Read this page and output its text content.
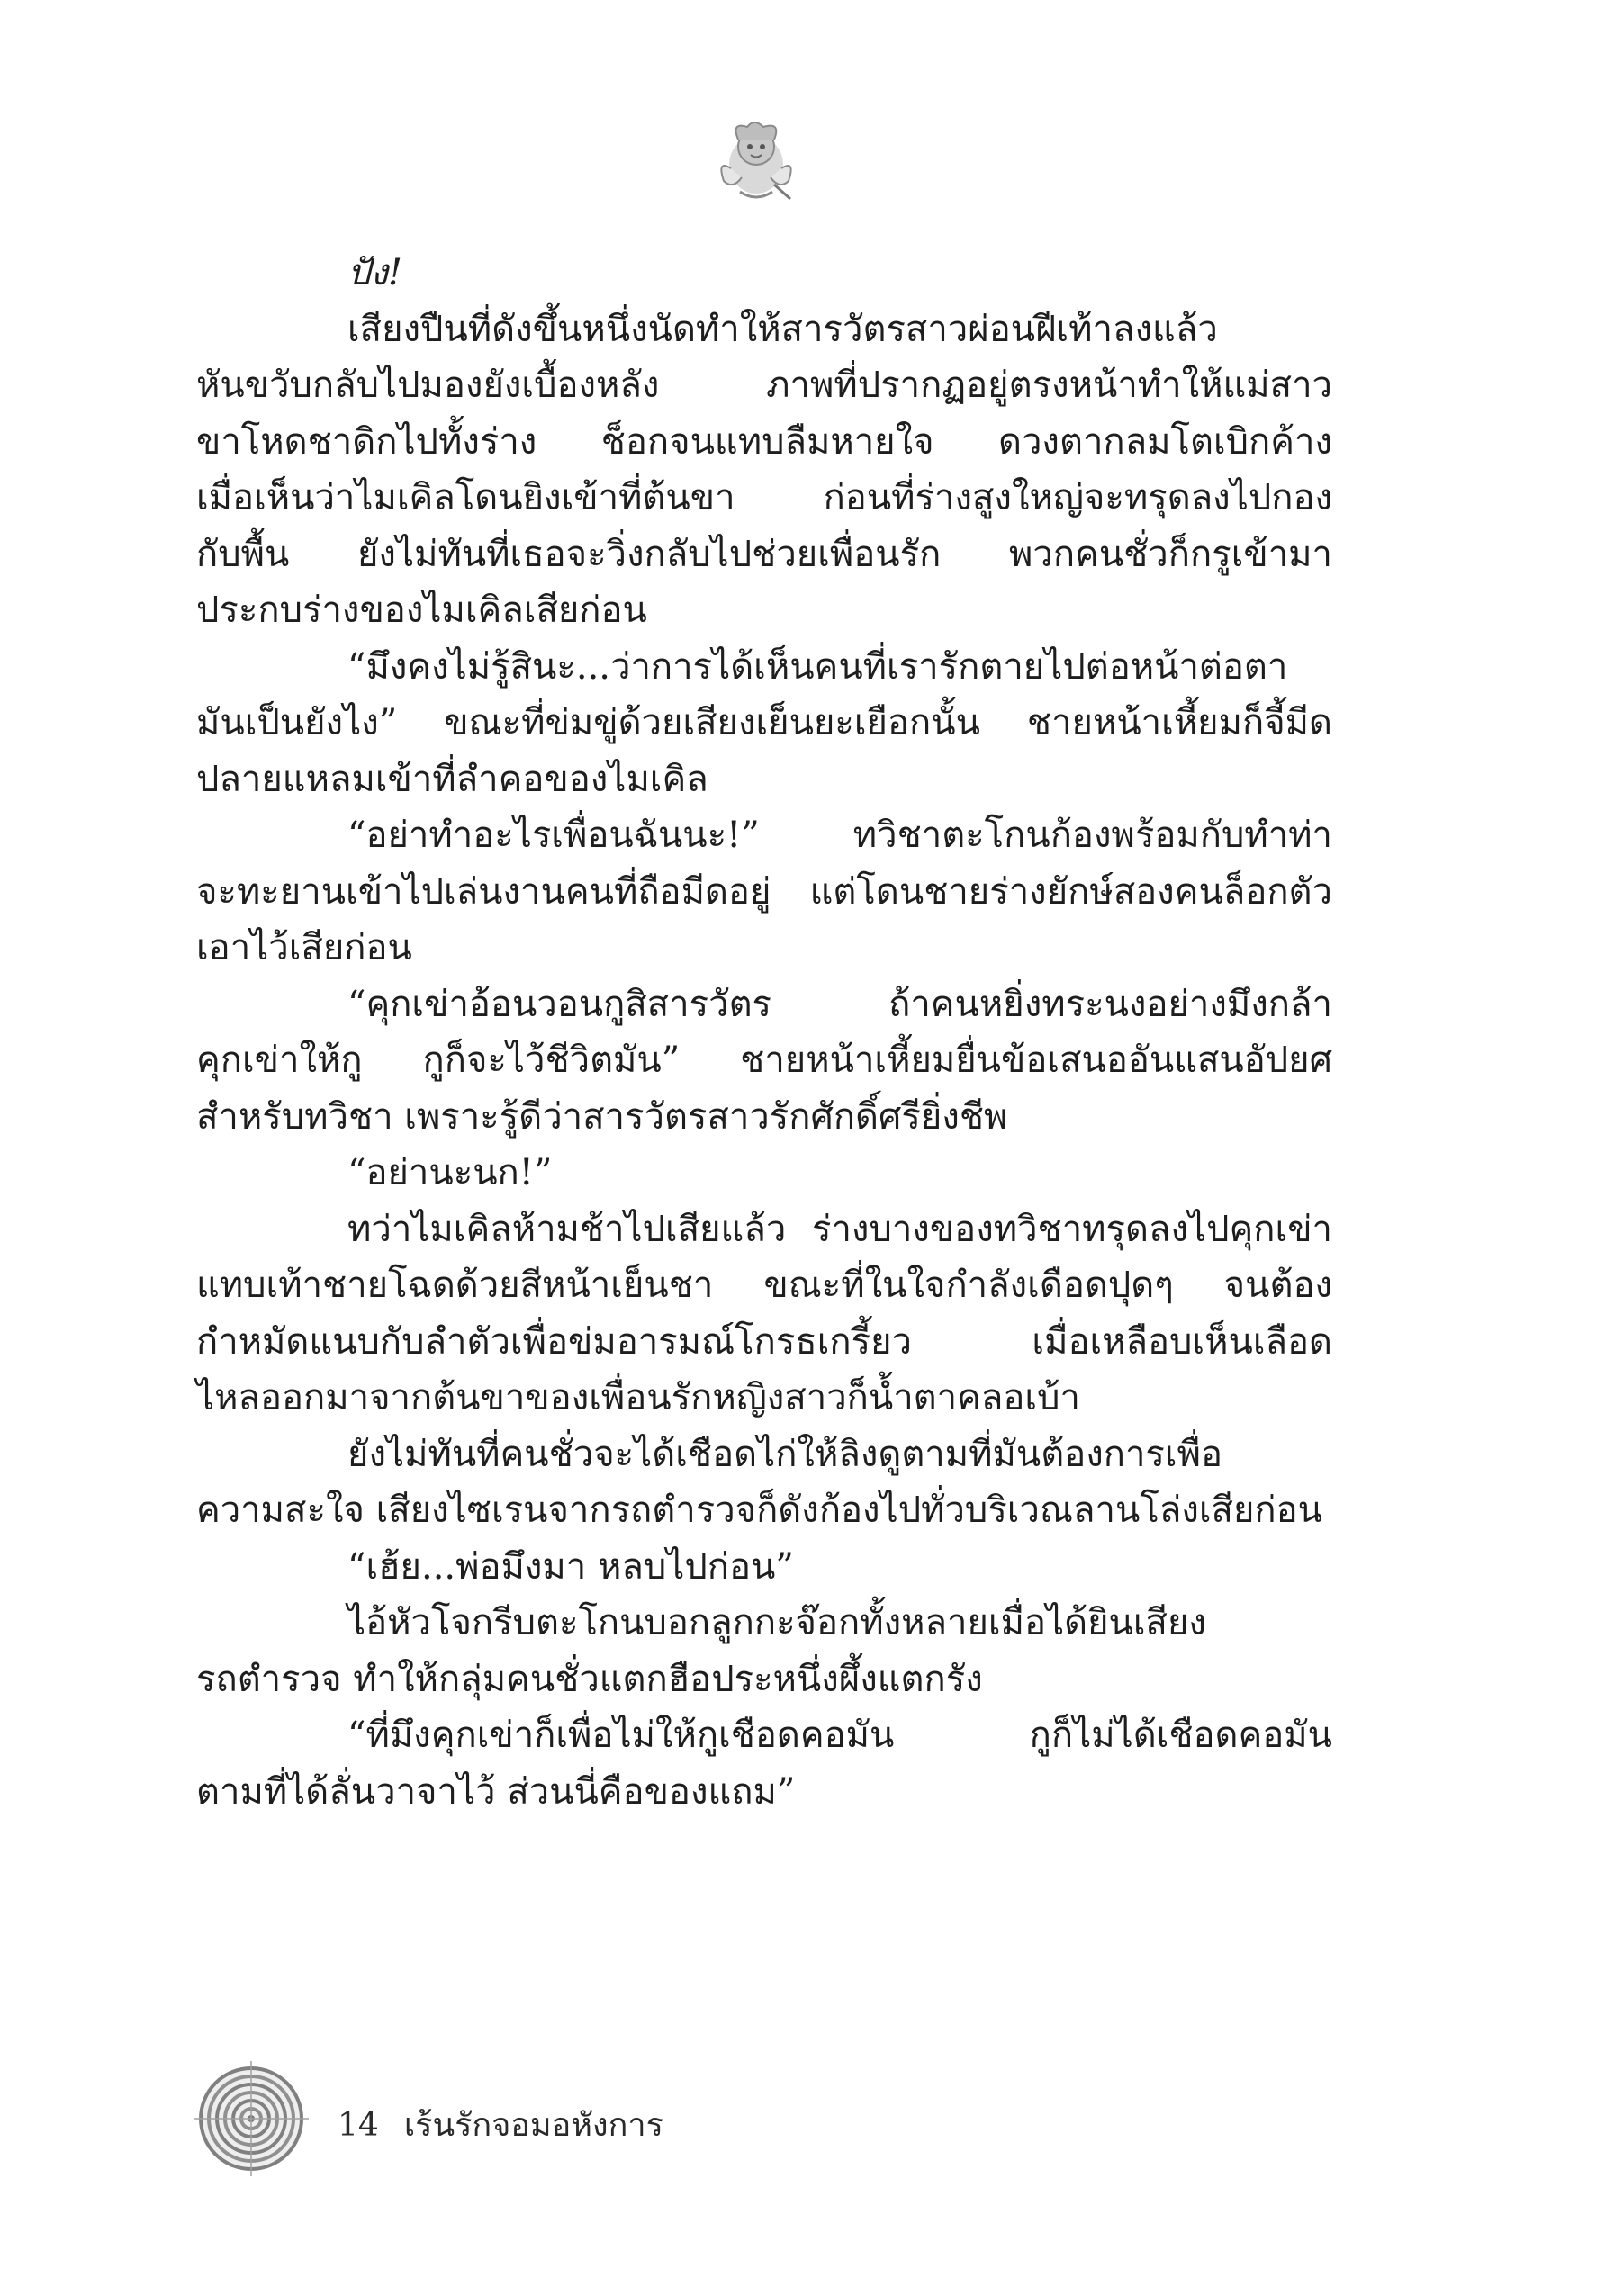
ปัง!

เสียงปืนที่ดังขึ้นหนึ่งนัดทำให้สารวัตรสาวผ่อนฝีเท้าลงแล้ว
หันขวับกลับไปมองยังเบื้องหลัง ภาพที่ปรากฏอยู่ตรงหน้าทำให้แม่สาว
ขาโหดชาดิกไปทั้งร่าง ช็อกจนแทบลืมหายใจ ดวงตากลมโตเบิกค้าง
เมื่อเห็นว่าไมเคิลโดนยิงเข้าที่ต้นขา ก่อนที่ร่างสูงใหญ่จะทรุดลงไปกอง
กับพื้น ยังไม่ทันที่เธอจะวิ่งกลับไปช่วยเพื่อนรัก พวกคนชั่วก็กรูเข้ามา
ประกบร่างของไมเคิลเสียก่อน

“มึงคงไม่รู้สินะ...ว่าการได้เห็นคนที่เรารักตายไปต่อหน้าต่อตา
มันเป็นยังไง” ขณะที่ข่มขู่ด้วยเสียงเย็นยะเยือกนั้น ชายหน้าเหี้ยมก็จี้มีด
ปลายแหลมเข้าที่ลำคอของไมเคิล

“อย่าทำอะไรเพื่อนฉันนะ!” ทวิชาตะโกนก้องพร้อมกับทำท่า
จะทะยานเข้าไปเล่นงานคนที่ถือมีดอยู่ แต่โดนชายร่างยักษ์สองคนล็อกตัว
เอาไว้เสียก่อน

“คุกเข่าอ้อนวอนกูสิสารวัตร ถ้าคนหยิ่งทระนงอย่างมึงกล้า
คุกเข่าให้กู กูก็จะไว้ชีวิตมัน” ชายหน้าเหี้ยมยื่นข้อเสนออันแสนอัปยศ
สำหรับทวิชา เพราะรู้ดีว่าสารวัตรสาวรักศักดิ์ศรียิ่งชีพ

“อย่านะนก!”

ทว่าไมเคิลห้ามช้าไปเสียแล้ว ร่างบางของทวิชาทรุดลงไปคุกเข่า
แทบเท้าชายโฉดด้วยสีหน้าเย็นชา ขณะที่ในใจกำลังเดือดปุดๆ จนต้อง
กำหมัดแนบกับลำตัวเพื่อข่มอารมณ์โกรธเกรี้ยว เมื่อเหลือบเห็นเลือด
ไหลออกมาจากต้นขาของเพื่อนรักหญิงสาวก็น้ำตาคลอเบ้า

ยังไม่ทันที่คนชั่วจะได้เชือดไก่ให้ลิงดูตามที่มันต้องการเพื่อ
ความสะใจ เสียงไซเรนจากรถตำรวจก็ดังก้องไปทั่วบริเวณลานโล่งเสียก่อน

“เฮ้ย...พ่อมึงมา หลบไปก่อน”

ไอ้หัวโจกรีบตะโกนบอกลูกกะจ๊อกทั้งหลายเมื่อได้ยินเสียง
รถตำรวจ ทำให้กลุ่มคนชั่วแตกฮือประหนึ่งผึ้งแตกรัง

“ที่มึงคุกเข่าก็เพื่อไม่ให้กูเชือดคอมัน กูก็ไม่ได้เชือดคอมัน
ตามที่ได้ลั่นวาจาไว้ ส่วนนี่คือของแถม”

14 เร้นรักจอมอหังการ
